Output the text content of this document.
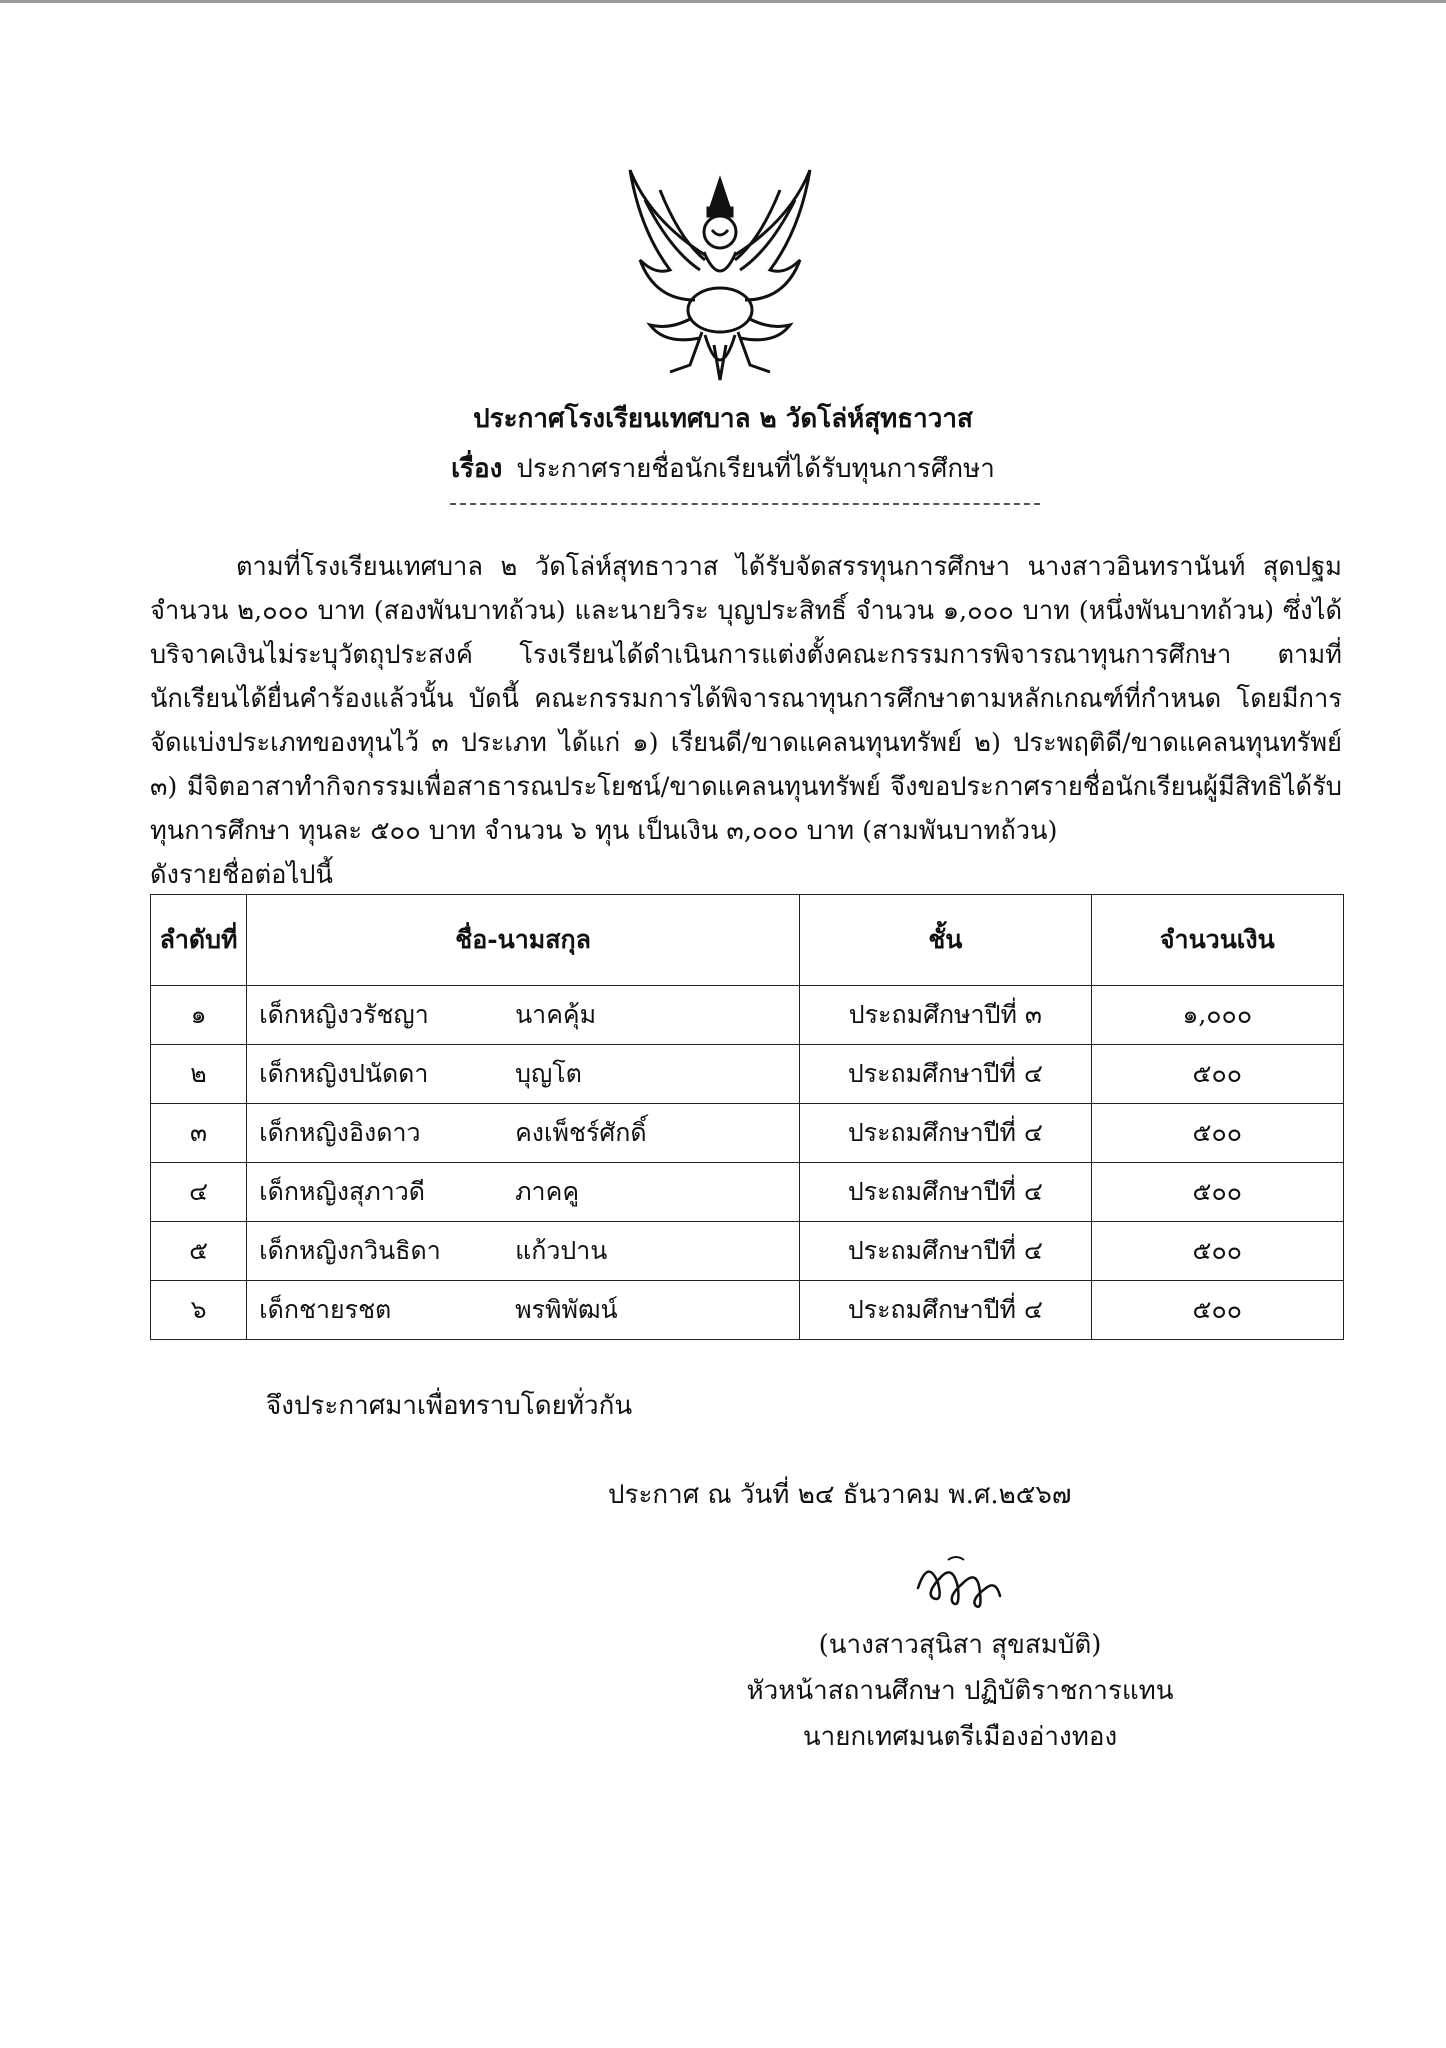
ประกาศโรงเรียนเทศบาล ๒ วัดโล่ห์สุทธาวาส
เรื่อง ประกาศรายชื่อนักเรียนที่ได้รับทุนการศึกษา
ตามที่โรงเรียนเทศบาล ๒ วัดโล่ห์สุทธาวาส ได้รับจัดสรรทุนการศึกษา นางสาวอินทรานันท์ สุดปฐม จำนวน ๒,๐๐๐ บาท (สองพันบาทถ้วน) และนายวิระ บุญประสิทธิ์ จำนวน ๑,๐๐๐ บาท (หนึ่งพันบาทถ้วน) ซึ่งได้บริจาคเงินไม่ระบุวัตถุประสงค์ โรงเรียนได้ดำเนินการแต่งตั้งคณะกรรมการพิจารณาทุนการศึกษา ตามที่นักเรียนได้ยื่นคำร้องแล้วนั้น บัดนี้ คณะกรรมการได้พิจารณาทุนการศึกษาตามหลักเกณฑ์ที่กำหนด โดยมีการจัดแบ่งประเภทของทุนไว้ ๓ ประเภท ได้แก่ ๑) เรียนดี/ขาดแคลนทุนทรัพย์ ๒) ประพฤติดี/ขาดแคลนทุนทรัพย์ ๓) มีจิตอาสาทำกิจกรรมเพื่อสาธารณประโยชน์/ขาดแคลนทุนทรัพย์ จึงขอประกาศรายชื่อนักเรียนผู้มีสิทธิได้รับทุนการศึกษา ทุนละ ๕๐๐ บาท จำนวน ๖ ทุน เป็นเงิน ๓,๐๐๐ บาท (สามพันบาทถ้วน)
ดังรายชื่อต่อไปนี้
ลำดับที่	ชื่อ-นามสกุล	ชั้น	จำนวนเงิน
๑	เด็กหญิงวรัชญา นาคคุ้ม	ประถมศึกษาปีที่ ๓	๑,๐๐๐
๒	เด็กหญิงปนัดดา บุญโต	ประถมศึกษาปีที่ ๔	๕๐๐
๓	เด็กหญิงอิงดาว คงเพ็ชร์ศักดิ์	ประถมศึกษาปีที่ ๔	๕๐๐
๔	เด็กหญิงสุภาวดี ภาคคู	ประถมศึกษาปีที่ ๔	๕๐๐
๕	เด็กหญิงกวินธิดา แก้วปาน	ประถมศึกษาปีที่ ๔	๕๐๐
๖	เด็กชายรชต พรพิพัฒน์	ประถมศึกษาปีที่ ๔	๕๐๐
จึงประกาศมาเพื่อทราบโดยทั่วกัน
ประกาศ ณ วันที่ ๒๔ ธันวาคม พ.ศ.๒๕๖๗
(นางสาวสุนิสา สุขสมบัติ)
หัวหน้าสถานศึกษา ปฏิบัติราชการแทน
นายกเทศมนตรีเมืองอ่างทอง
